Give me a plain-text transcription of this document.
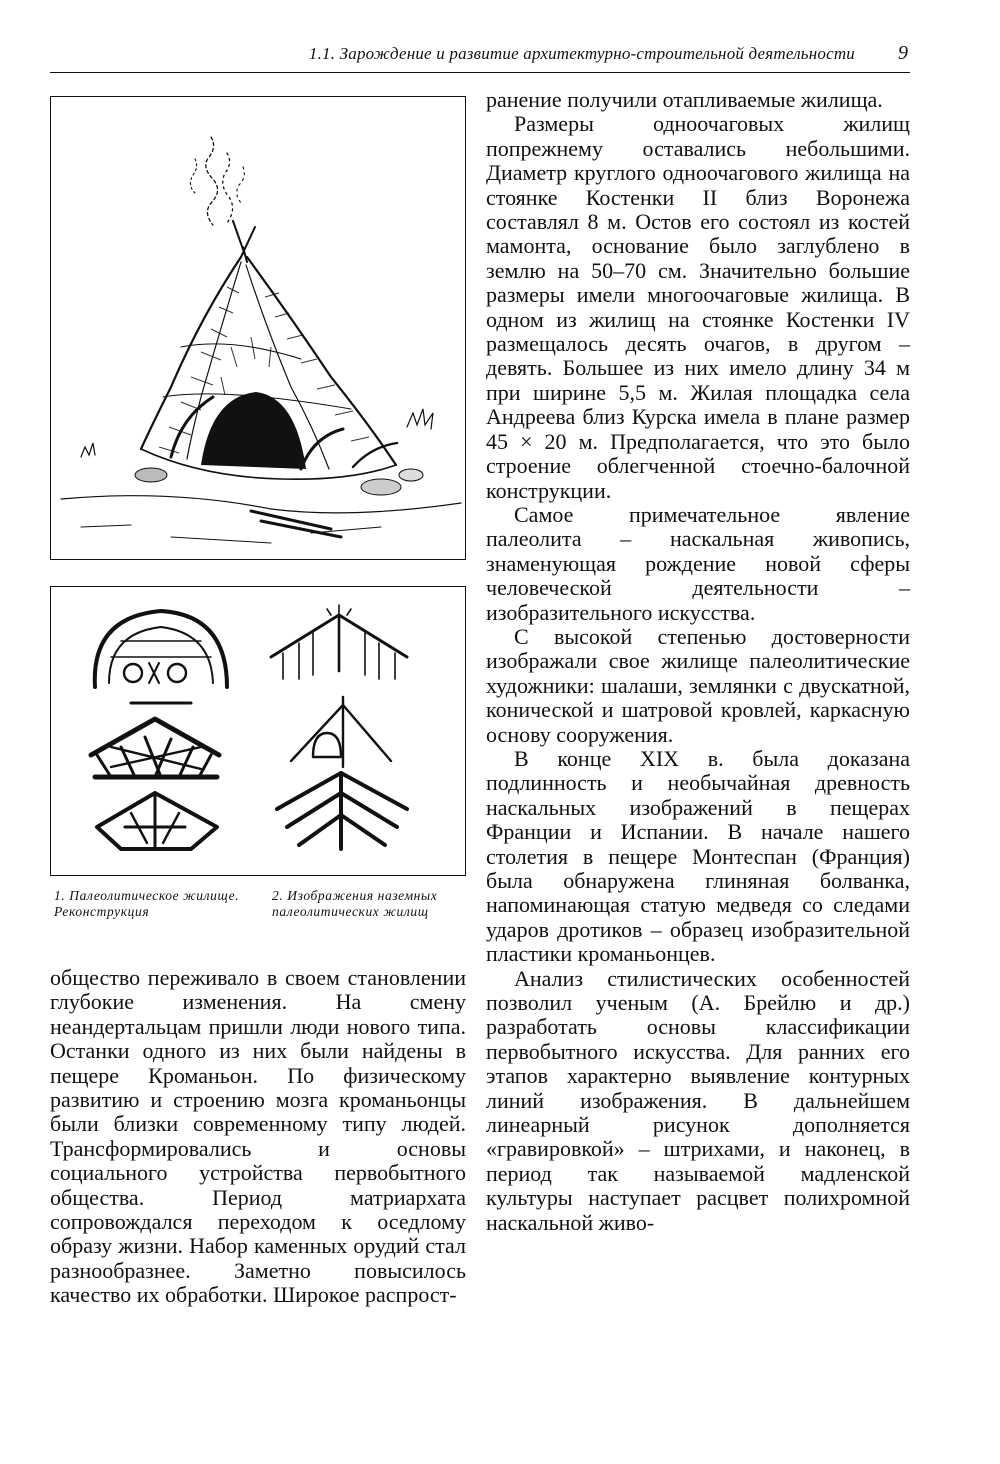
1.1. Зарождение и развитие архитектурно-строительной деятельности 9
1. Палеолитическое жилище. Реконструкция
2. Изображения наземных палеолитических жилищ

общество переживало в своем становлении глубокие изменения. На смену неандертальцам пришли люди нового типа. Останки одного из них были найдены в пещере Кроманьон. По физическому развитию и строению мозга кроманьонцы были близки современному типу людей. Трансформировались и основы социального устройства первобытного общества. Период матриархата сопровождался переходом к оседлому образу жизни. Набор каменных орудий стал разнообразнее. Заметно повысилось качество их обработки. Широкое распрост-

ранение получили отапливаемые жилища.

Размеры одноочаговых жилищ попрежнему оставались небольшими. Диаметр круглого одноочагового жилища на стоянке Костенки II близ Воронежа составлял 8 м. Остов его состоял из костей мамонта, основание было заглублено в землю на 50–70 см. Значительно большие размеры имели многоочаговые жилища. В одном из жилищ на стоянке Костенки IV размещалось десять очагов, в другом – девять. Большее из них имело длину 34 м при ширине 5,5 м. Жилая площадка села Андреева близ Курска имела в плане размер 45 × 20 м. Предполагается, что это было строение облегченной стоечно-балочной конструкции.

Самое примечательное явление палеолита – наскальная живопись, знаменующая рождение новой сферы человеческой деятельности – изобразительного искусства.

С высокой степенью достоверности изображали свое жилище палеолитические художники: шалаши, землянки с двускатной, конической и шатровой кровлей, каркасную основу сооружения.

В конце XIX в. была доказана подлинность и необычайная древность наскальных изображений в пещерах Франции и Испании. В начале нашего столетия в пещере Монтеспан (Франция) была обнаружена глиняная болванка, напоминающая статую медведя со следами ударов дротиков – образец изобразительной пластики кроманьонцев.

Анализ стилистических особенностей позволил ученым (А. Брейлю и др.) разработать основы классификации первобытного искусства. Для ранних его этапов характерно выявление контурных линий изображения. В дальнейшем линеарный рисунок дополняется «гравировкой» – штрихами, и наконец, в период так называемой мадленской культуры наступает расцвет полихромной наскальной живо-
